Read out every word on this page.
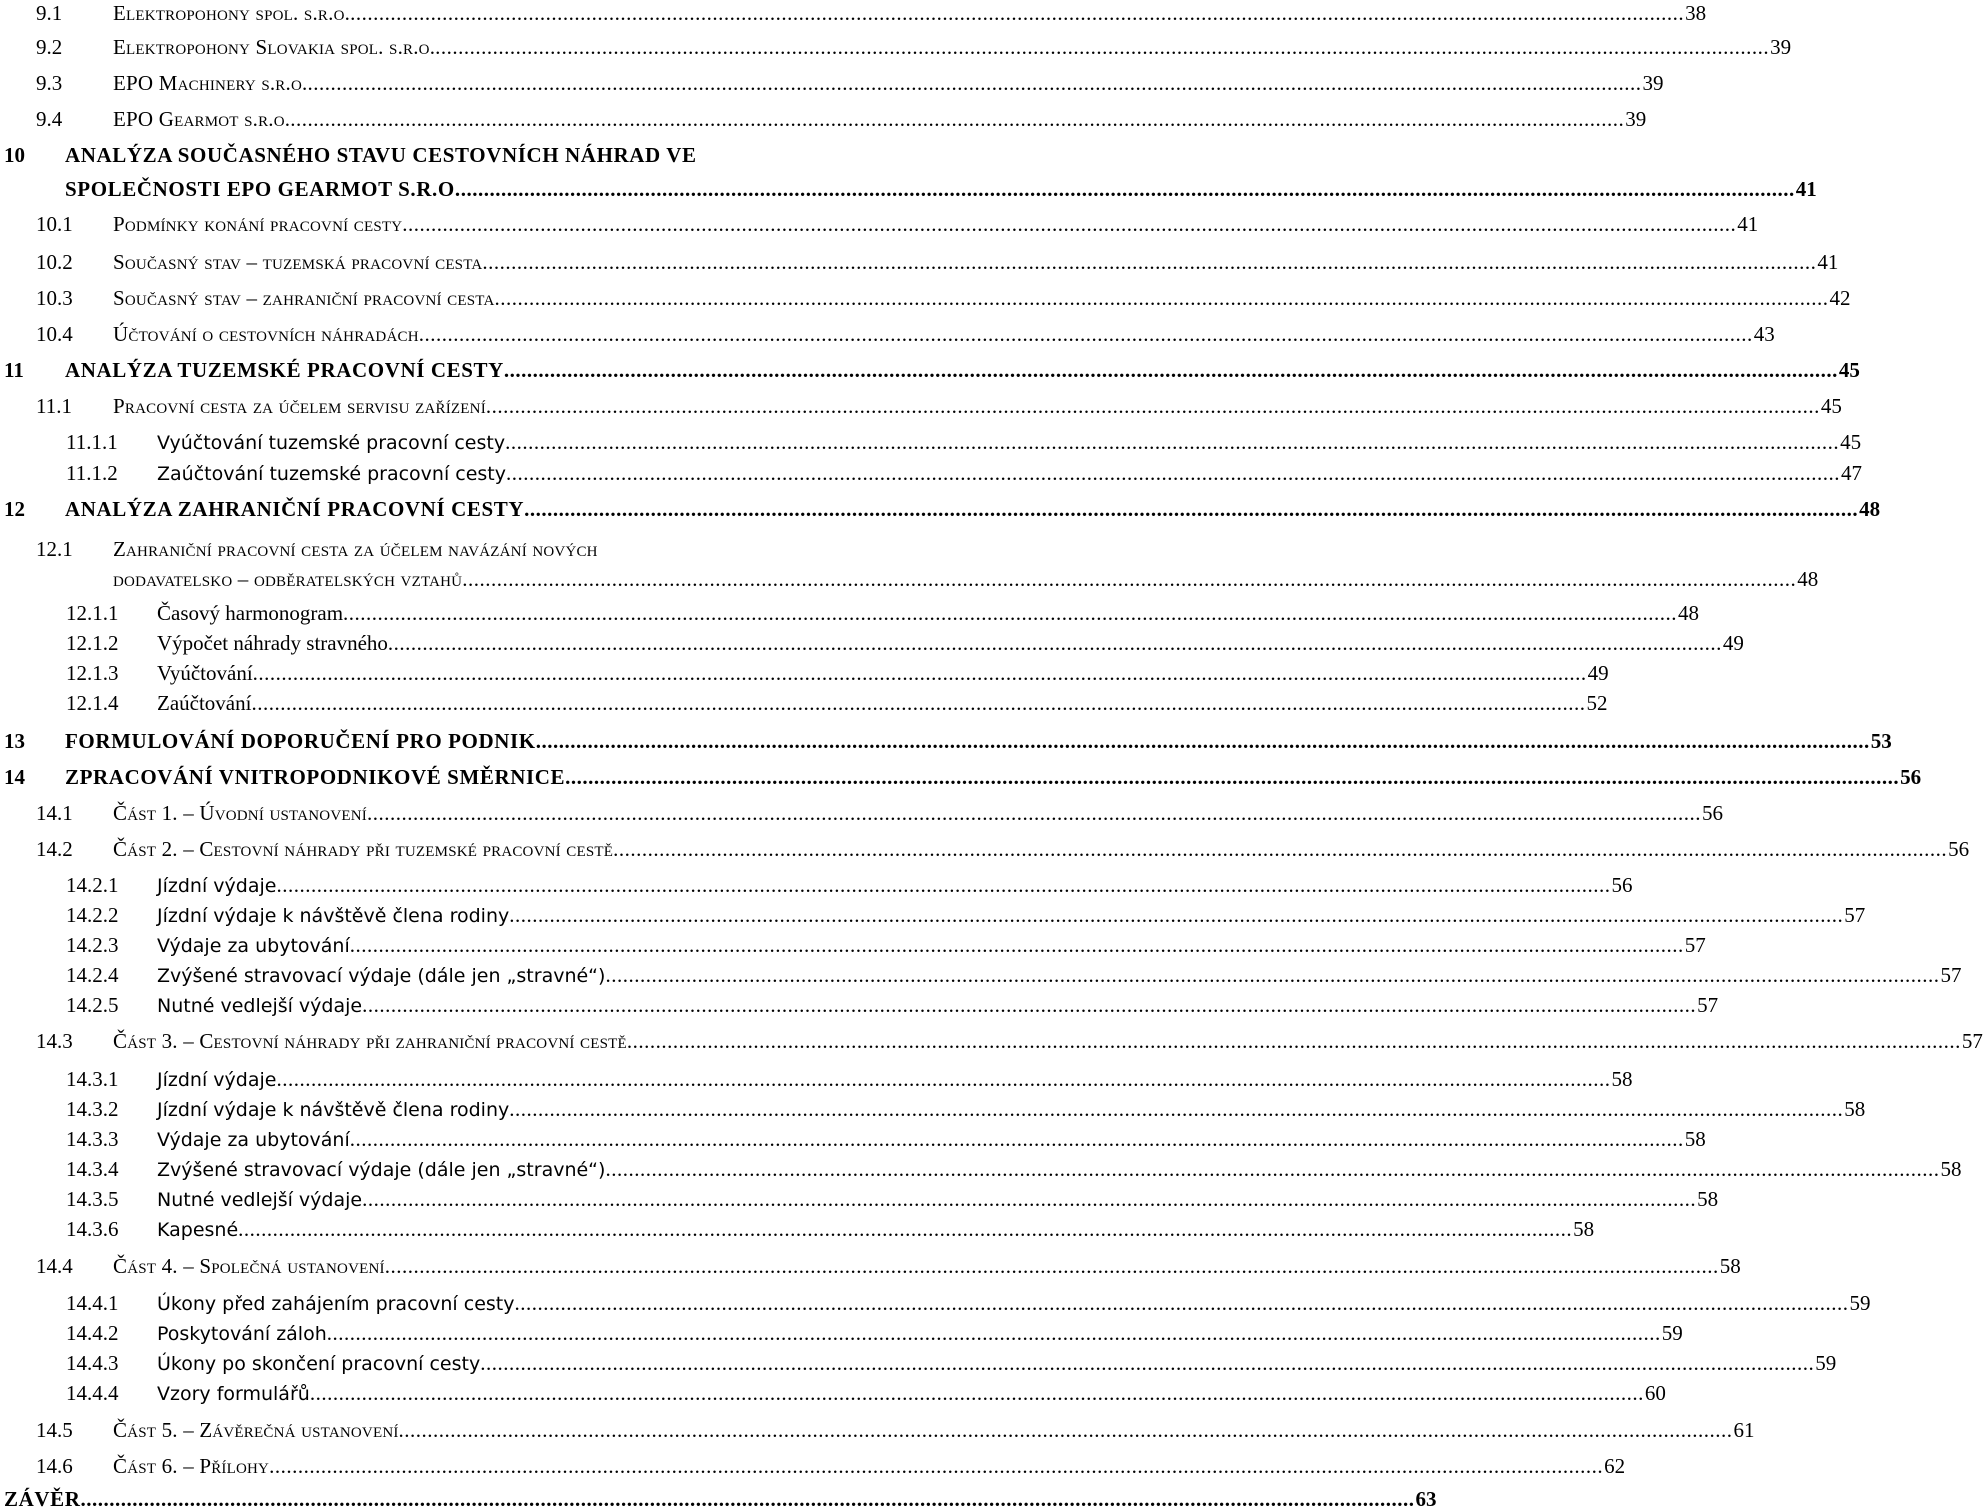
9.1	Elektropohony spol. s.r.o. .....	38
9.2	Elektropohony Slovakia spol. s.r.o. .....	39
9.3	EPO Machinery s.r.o. .....	39
9.4	EPO Gearmot s.r.o. .....	39
10 ANALÝZA SOUČASNÉHO STAVU CESTOVNÍCH NÁHRAD VE
SPOLEČNOSTI EPO GEARMOT S.R.O. .....	41
10.1	Podmínky konání pracovní cesty .....	41
10.2	Současný stav – tuzemská pracovní cesta .....	41
10.3	Současný stav – zahraniční pracovní cesta .....	42
10.4	Účtování o cestovních náhradách .....	43
11	ANALÝZA TUZEMSKÉ PRACOVNÍ CESTY .....	45
11.1	Pracovní cesta za účelem servisu zařízení .....	45
11.1.1	Vyúčtování tuzemské pracovní cesty .....	45
11.1.2	Zaúčtování tuzemské pracovní cesty .....	47
12	ANALÝZA ZAHRANIČNÍ PRACOVNÍ CESTY .....	48
12.1 Zahraniční pracovní cesta za účelem navázání nových
dodavatelsko – odběratelských vztahů .....	48
12.1.1	Časový harmonogram .....	48
12.1.2	Výpočet náhrady stravného .....	49
12.1.3	Vyúčtování .....	49
12.1.4	Zaúčtování .....	52
13	FORMULOVÁNÍ DOPORUČENÍ PRO PODNIK .....	53
14	ZPRACOVÁNÍ VNITROPODNIKOVÉ SMĚRNICE .....	56
14.1	Část 1. – Úvodní ustanovení .....	56
14.2	Část 2. – Cestovní náhrady při tuzemské pracovní cestě .....	56
14.2.1	Jízdní výdaje .....	56
14.2.2	Jízdní výdaje k návštěvě člena rodiny .....	57
14.2.3	Výdaje za ubytování .....	57
14.2.4	Zvýšené stravovací výdaje (dále jen „stravné“) .....	57
14.2.5	Nutné vedlejší výdaje .....	57
14.3	Část 3. – Cestovní náhrady při zahraniční pracovní cestě .....	57
14.3.1	Jízdní výdaje .....	58
14.3.2	Jízdní výdaje k návštěvě člena rodiny .....	58
14.3.3	Výdaje za ubytování .....	58
14.3.4	Zvýšené stravovací výdaje (dále jen „stravné“) .....	58
14.3.5	Nutné vedlejší výdaje .....	58
14.3.6	Kapesné .....	58
14.4	Část 4. – Společná ustanovení .....	58
14.4.1	Úkony před zahájením pracovní cesty .....	59
14.4.2	Poskytování záloh .....	59
14.4.3	Úkony po skončení pracovní cesty .....	59
14.4.4	Vzory formulářů .....	60
14.5	Část 5. – Závěrečná ustanovení .....	61
14.6	Část 6. – Přílohy .....	62
ZÁVĚR .....	63
